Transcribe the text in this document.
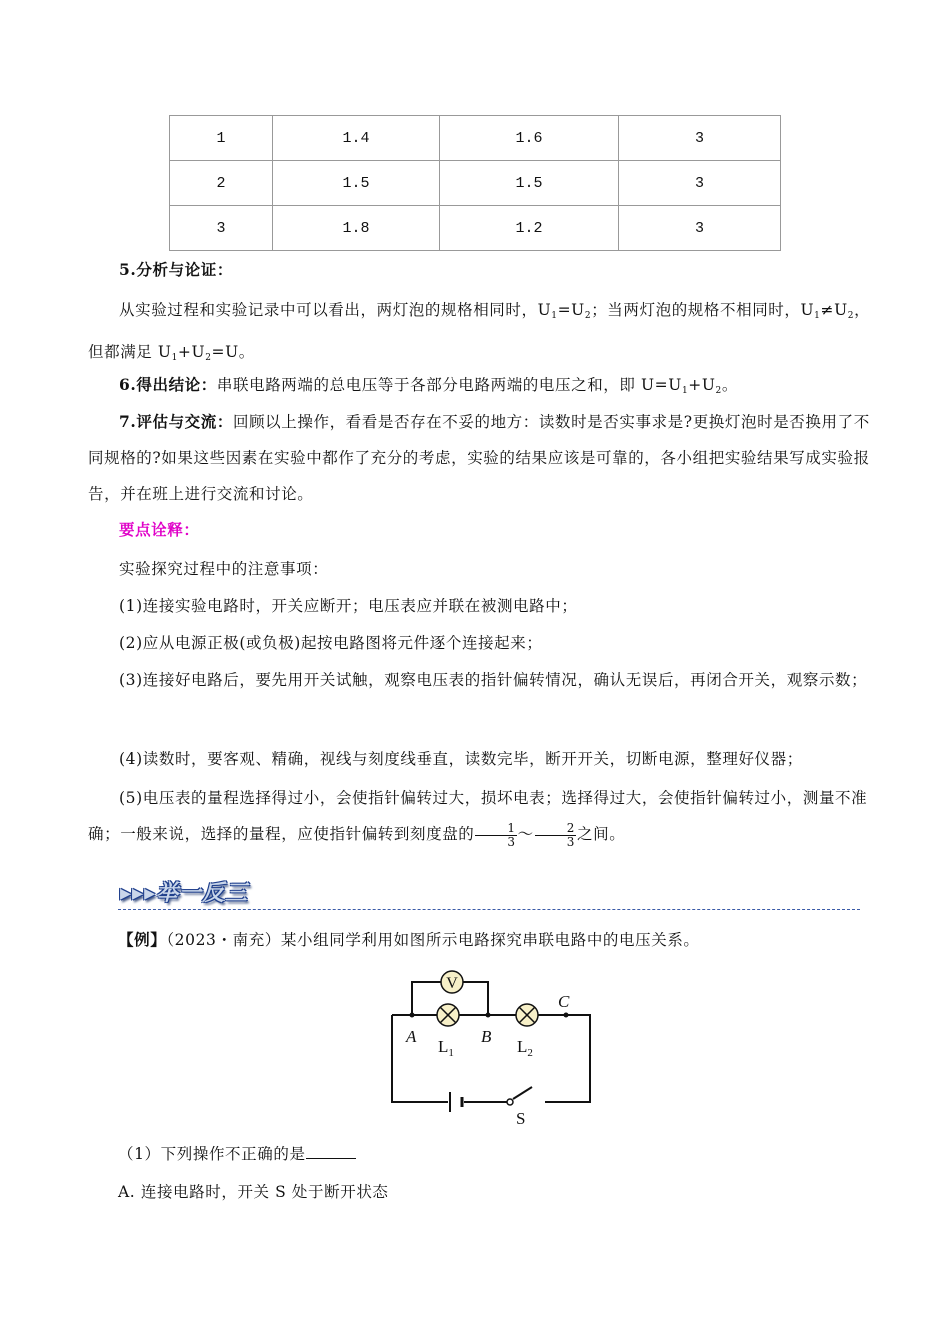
1	1.4	1.6	3
2	1.5	1.5	3
3	1.8	1.2	3
5.分析与论证：
从实验过程和实验记录中可以看出，两灯泡的规格相同时，$U_1=U_2$；当两灯泡的规格不相同时，$U_1\ne U_2$，但都满足 $U_1+U_2=U$。
6.得出结论：串联电路两端的总电压等于各部分电路两端的电压之和，即 $U=U_1+U_2$。
7.评估与交流：回顾以上操作，看看是否存在不妥的地方：读数时是否实事求是?更换灯泡时是否换用了不同规格的?如果这些因素在实验中都作了充分的考虑，实验的结果应该是可靠的，各小组把实验结果写成实验报告，并在班上进行交流和讨论。
要点诠释：
实验探究过程中的注意事项：
(1)连接实验电路时，开关应断开；电压表应并联在被测电路中；
(2)应从电源正极(或负极)起按电路图将元件逐个连接起来；
(3)连接好电路后，要先用开关试触，观察电压表的指针偏转情况，确认无误后，再闭合开关，观察示数；
(4)读数时，要客观、精确，视线与刻度线垂直，读数完毕，断开开关，切断电源，整理好仪器；
(5)电压表的量程选择得过小，会使指针偏转过大，损坏电表；选择得过大，会使指针偏转过小，测量不准确；一般来说，选择的量程，应使指针偏转到刻度盘的 $\frac{1}{3}$ ～ $\frac{2}{3}$ 之间。
▸▸▸举一反三
【例】（2023・南充）某小组同学利用如图所示电路探究串联电路中的电压关系。
V
A	B
C
$L_1$	$L_2$
S
（1）下列操作不正确的是
A. 连接电路时，开关 S 处于断开状态
